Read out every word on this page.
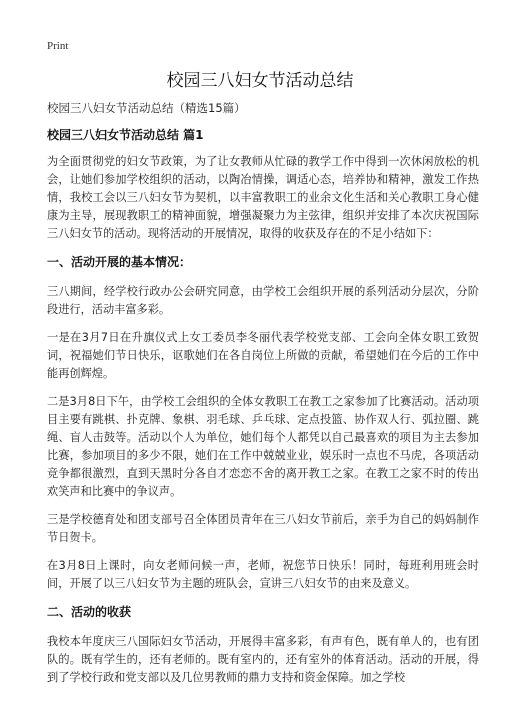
Print
校园三八妇女节活动总结
校园三八妇女节活动总结（精选15篇）
校园三八妇女节活动总结 篇1

为全面贯彻党的妇女节政策，为了让女教师从忙碌的教学工作中得到一次休闲放松的机会，让她们参加学校组织的活动，以陶冶情操，调适心态，培养协和精神，激发工作热情，我校工会以三八妇女节为契机，以丰富教职工的业余文化生活和关心教职工身心健康为主导，展现教职工的精神面貌，增强凝聚力为主弦律，组织并安排了本次庆祝国际三八妇女节的活动。现将活动的开展情况，取得的收获及存在的不足小结如下：

一、活动开展的基本情况：

三八期间，经学校行政办公会研究同意，由学校工会组织开展的系列活动分层次，分阶段进行，活动丰富多彩。

一是在3月7日在升旗仪式上女工委员李冬丽代表学校党支部、工会向全体女职工致贺词，祝福她们节日快乐，讴歌她们在各自岗位上所做的贡献，希望她们在今后的工作中能再创辉煌。

二是3月8日下午，由学校工会组织的全体女教职工在教工之家参加了比赛活动。活动项目主要有跳棋、扑克牌、象棋、羽毛球、乒乓球、定点投篮、协作双人行、弧拉圈、跳绳、盲人击鼓等。活动以个人为单位，她们每个人都凭以自己最喜欢的项目为主去参加比赛，参加项目的多少不限，她们在工作中兢兢业业，娱乐时一点也不马虎，各项活动竞争都很激烈，直到天黑时分各自才恋恋不舍的离开教工之家。在教工之家不时的传出欢笑声和比赛中的争议声。

三是学校德育处和团支部号召全体团员青年在三八妇女节前后，亲手为自己的妈妈制作节日贺卡。

在3月8日上课时，向女老师问候一声，老师，祝您节日快乐！同时，每班利用班会时间，开展了以三八妇女节为主题的班队会，宣讲三八妇女节的由来及意义。

二、活动的收获

我校本年度庆三八国际妇女节活动，开展得丰富多彩，有声有色，既有单人的，也有团队的。既有学生的，还有老师的。既有室内的，还有室外的体育活动。活动的开展，得到了学校行政和党支部以及几位男教师的鼎力支持和资金保障。加之学校
